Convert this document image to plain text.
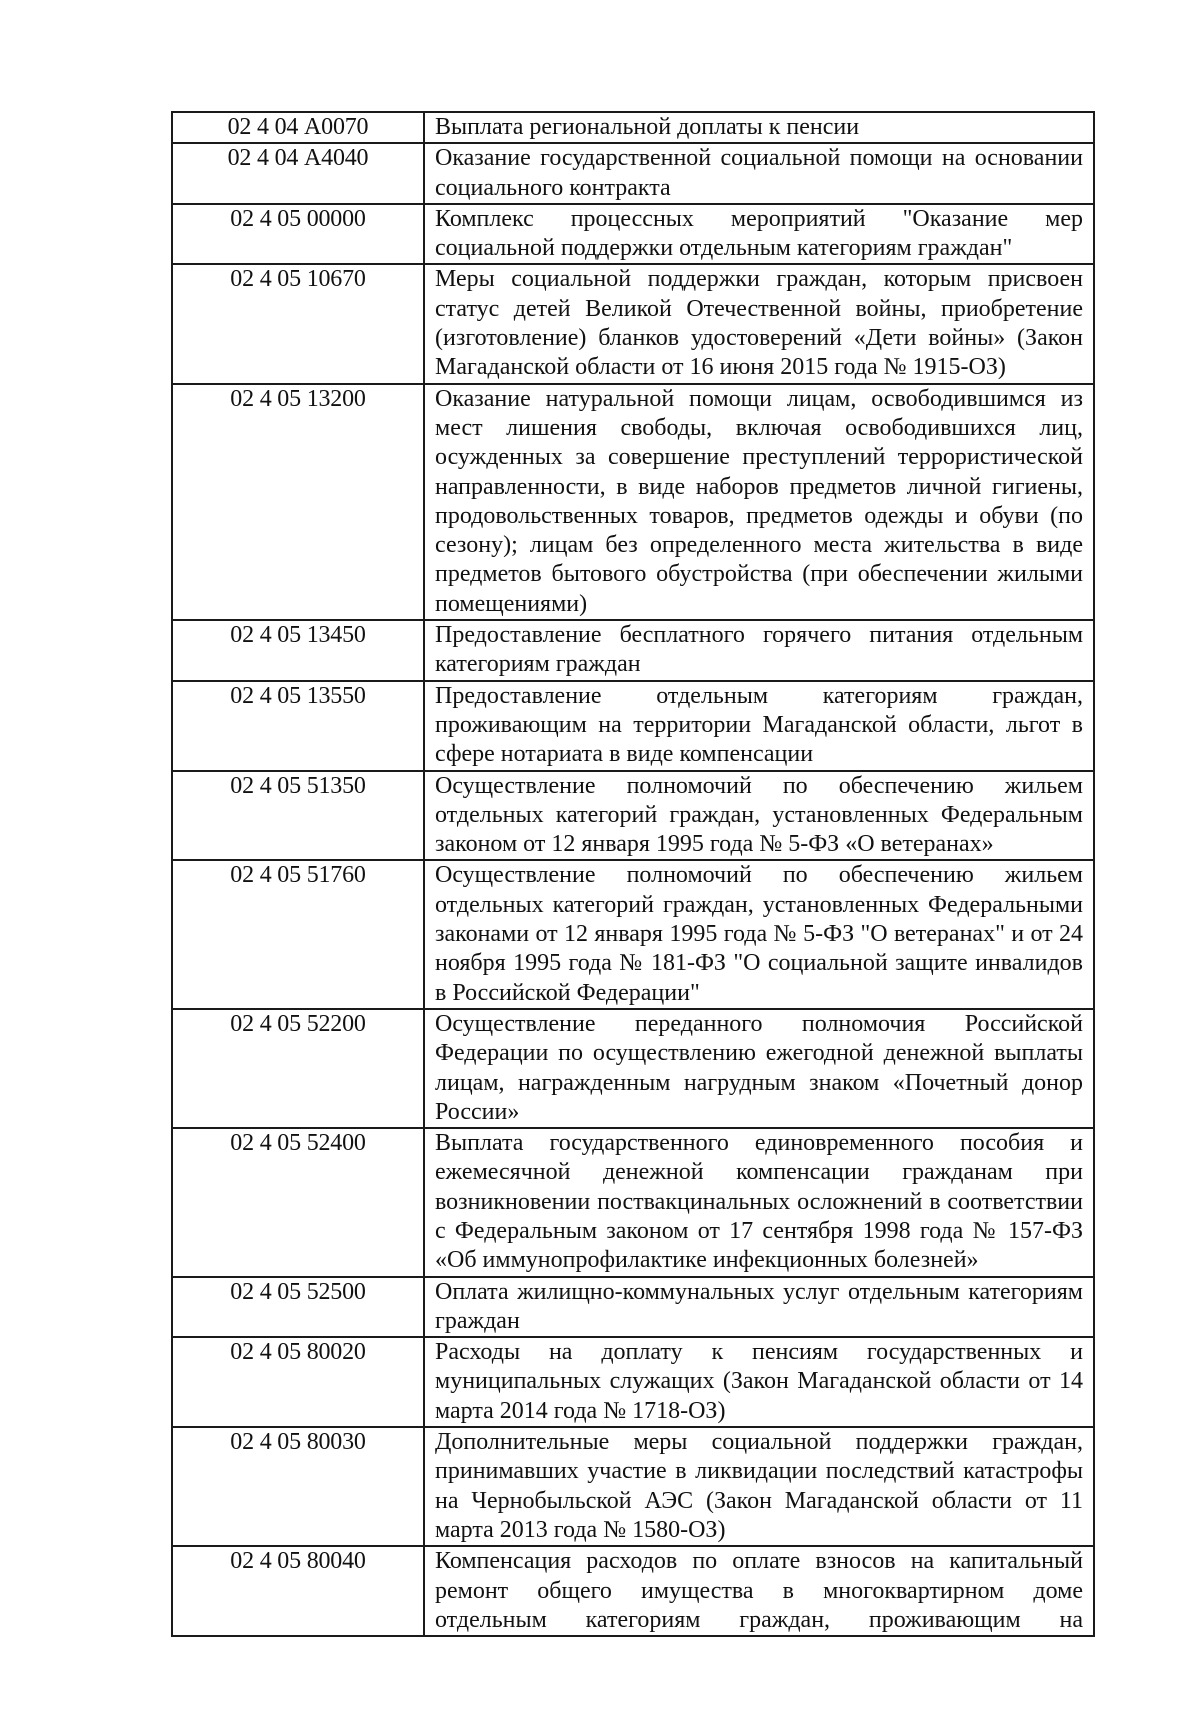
02 4 04 А0070	Выплата региональной доплаты к пенсии
02 4 04 А4040	Оказание государственной социальной помощи на основании социального контракта
02 4 05 00000	Комплекс процессных мероприятий "Оказание мер социальной поддержки отдельным категориям граждан"
02 4 05 10670	Меры социальной поддержки граждан, которым присвоен статус детей Великой Отечественной войны, приобретение (изготовление) бланков удостоверений «Дети войны» (Закон Магаданской области от 16 июня 2015 года № 1915-ОЗ)
02 4 05 13200	Оказание натуральной помощи лицам, освободившимся из мест лишения свободы, включая освободившихся лиц, осужденных за совершение преступлений террористической направленности, в виде наборов предметов личной гигиены, продовольственных товаров, предметов одежды и обуви (по сезону); лицам без определенного места жительства в виде предметов бытового обустройства (при обеспечении жилыми помещениями)
02 4 05 13450	Предоставление бесплатного горячего питания отдельным категориям граждан
02 4 05 13550	Предоставление отдельным категориям граждан, проживающим на территории Магаданской области, льгот в сфере нотариата в виде компенсации
02 4 05 51350	Осуществление полномочий по обеспечению жильем отдельных категорий граждан, установленных Федеральным законом от 12 января 1995 года № 5-ФЗ «О ветеранах»
02 4 05 51760	Осуществление полномочий по обеспечению жильем отдельных категорий граждан, установленных Федеральными законами от 12 января 1995 года № 5-ФЗ "О ветеранах" и от 24 ноября 1995 года № 181-ФЗ "О социальной защите инвалидов в Российской Федерации"
02 4 05 52200	Осуществление переданного полномочия Российской Федерации по осуществлению ежегодной денежной выплаты лицам, награжденным нагрудным знаком «Почетный донор России»
02 4 05 52400	Выплата государственного единовременного пособия и ежемесячной денежной компенсации гражданам при возникновении поствакцинальных осложнений в соответствии с Федеральным законом от 17 сентября 1998 года № 157-ФЗ «Об иммунопрофилактике инфекционных болезней»
02 4 05 52500	Оплата жилищно-коммунальных услуг отдельным категориям граждан
02 4 05 80020	Расходы на доплату к пенсиям государственных и муниципальных служащих (Закон Магаданской области от 14 марта 2014 года № 1718-ОЗ)
02 4 05 80030	Дополнительные меры социальной поддержки граждан, принимавших участие в ликвидации последствий катастрофы на Чернобыльской АЭС (Закон Магаданской области от 11 марта 2013 года № 1580-ОЗ)
02 4 05 80040	Компенсация расходов по оплате взносов на капитальный ремонт общего имущества в многоквартирном доме отдельным категориям граждан, проживающим на
